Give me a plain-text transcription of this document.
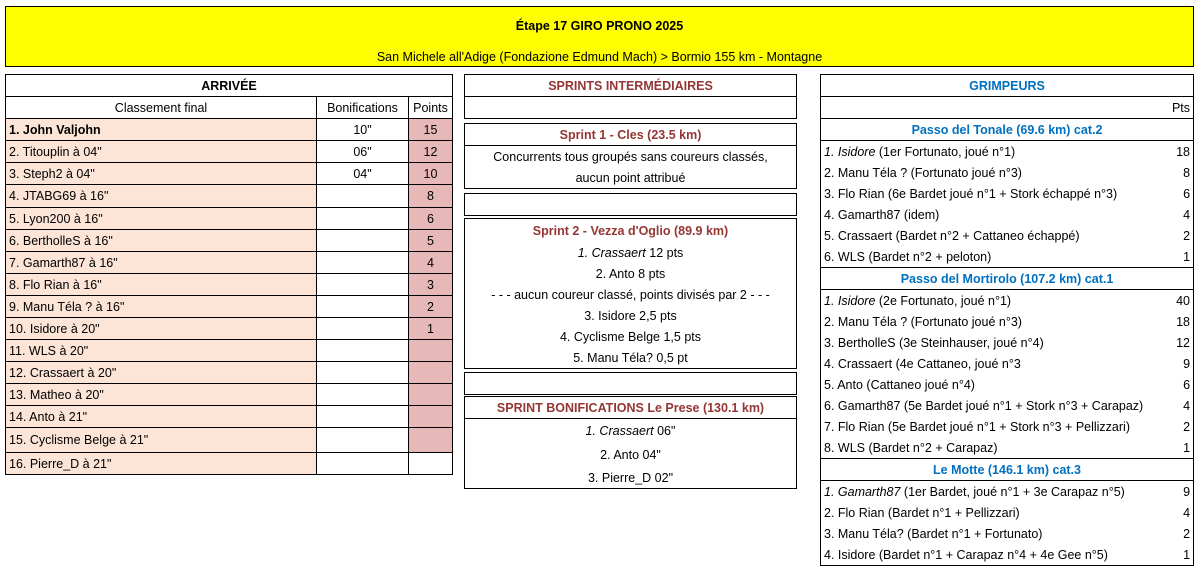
Étape 17 GIRO PRONO 2025
San Michele all'Adige (Fondazione Edmund Mach) > Bormio 155 km - Montagne
ARRIVÉE		
Classement final	Bonifications	Points
1. John Valjohn	10"	15
2. Titouplin à 04"	06"	12
3. Steph2 à 04"	04"	10
4. JTABG69 à 16"		8
5. Lyon200 à 16"		6
6. BertholleS à 16"		5
7. Gamarth87 à 16"		4
8. Flo Rian à 16"		3
9. Manu Téla ? à 16"		2
10. Isidore à 20"		1
11. WLS à 20"		
12. Crassaert à 20"		
13. Matheo à 20"		
14. Anto à 21"		
15. Cyclisme Belge à 21"		
16. Pierre_D à 21"		
SPRINTS INTERMÉDIAIRES

Sprint 1 - Cles (23.5 km)
Concurrents tous groupés sans coureurs classés,
aucun point attribué
Sprint 2 - Vezza d'Oglio (89.9 km)
1. Crassaert 12 pts
2. Anto 8 pts
- - - aucun coureur classé, points divisés par 2 - - -
3. Isidore 2,5 pts
4. Cyclisme Belge 1,5 pts
5. Manu Téla? 0,5 pt
SPRINT BONIFICATIONS Le Prese (130.1 km)
1. Crassaert 06"
2. Anto 04"
3. Pierre_D 02"
GRIMPEURS	
	Pts
Passo del Tonale (69.6 km) cat.2	
1. Isidore (1er Fortunato, joué n°1)	18
2. Manu Téla ? (Fortunato joué n°3)	8
3. Flo Rian (6e Bardet joué n°1 + Stork échappé n°3)	6
4. Gamarth87 (idem)	4
5. Crassaert (Bardet n°2 + Cattaneo échappé)	2
6. WLS (Bardet n°2 + peloton)	1
Passo del Mortirolo (107.2 km) cat.1	
1. Isidore (2e Fortunato, joué n°1)	40
2. Manu Téla ? (Fortunato joué n°3)	18
3. BertholleS (3e Steinhauser, joué n°4)	12
4. Crassaert (4e Cattaneo, joué n°3	9
5. Anto (Cattaneo joué n°4)	6
6. Gamarth87 (5e Bardet joué n°1 + Stork n°3 + Carapaz)	4
7. Flo Rian (5e Bardet joué n°1 + Stork n°3 + Pellizzari)	2
8. WLS (Bardet n°2 + Carapaz)	1
Le Motte (146.1 km) cat.3	
1. Gamarth87 (1er Bardet, joué n°1 + 3e Carapaz n°5)	9
2. Flo Rian (Bardet n°1 + Pellizzari)	4
3. Manu Téla? (Bardet n°1 + Fortunato)	2
4. Isidore (Bardet n°1 + Carapaz n°4 + 4e Gee n°5)	1
